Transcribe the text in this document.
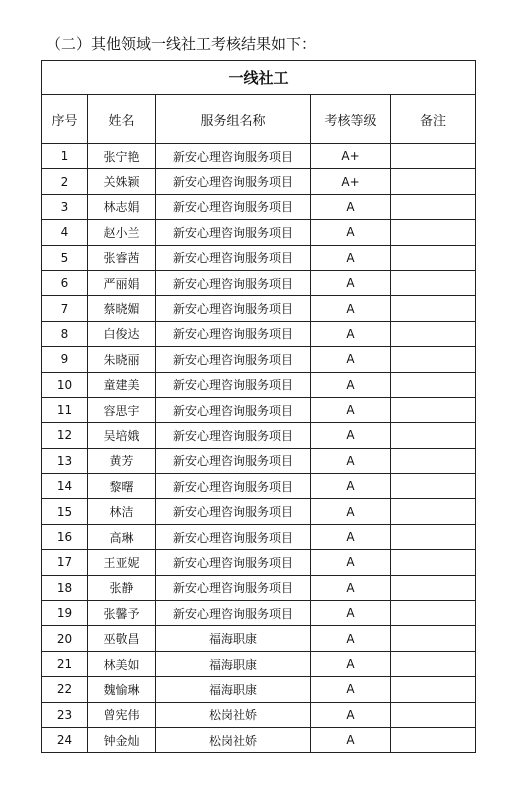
（二）其他领域一线社工考核结果如下：
一线社工				
序号	姓名	服务组名称	考核等级	备注
1	张宁艳	新安心理咨询服务项目	A+	
2	关姝颖	新安心理咨询服务项目	A+	
3	林志娟	新安心理咨询服务项目	A	
4	赵小兰	新安心理咨询服务项目	A	
5	张睿茜	新安心理咨询服务项目	A	
6	严丽娟	新安心理咨询服务项目	A	
7	蔡晓媚	新安心理咨询服务项目	A	
8	白俊达	新安心理咨询服务项目	A	
9	朱晓丽	新安心理咨询服务项目	A	
10	童建美	新安心理咨询服务项目	A	
11	容思宇	新安心理咨询服务项目	A	
12	吴培娥	新安心理咨询服务项目	A	
13	黄芳	新安心理咨询服务项目	A	
14	黎曙	新安心理咨询服务项目	A	
15	林洁	新安心理咨询服务项目	A	
16	高琳	新安心理咨询服务项目	A	
17	王亚妮	新安心理咨询服务项目	A	
18	张静	新安心理咨询服务项目	A	
19	张馨予	新安心理咨询服务项目	A	
20	巫敬昌	福海职康	A	
21	林美如	福海职康	A	
22	魏愉琳	福海职康	A	
23	曾宪伟	松岗社娇	A	
24	钟金灿	松岗社娇	A	
